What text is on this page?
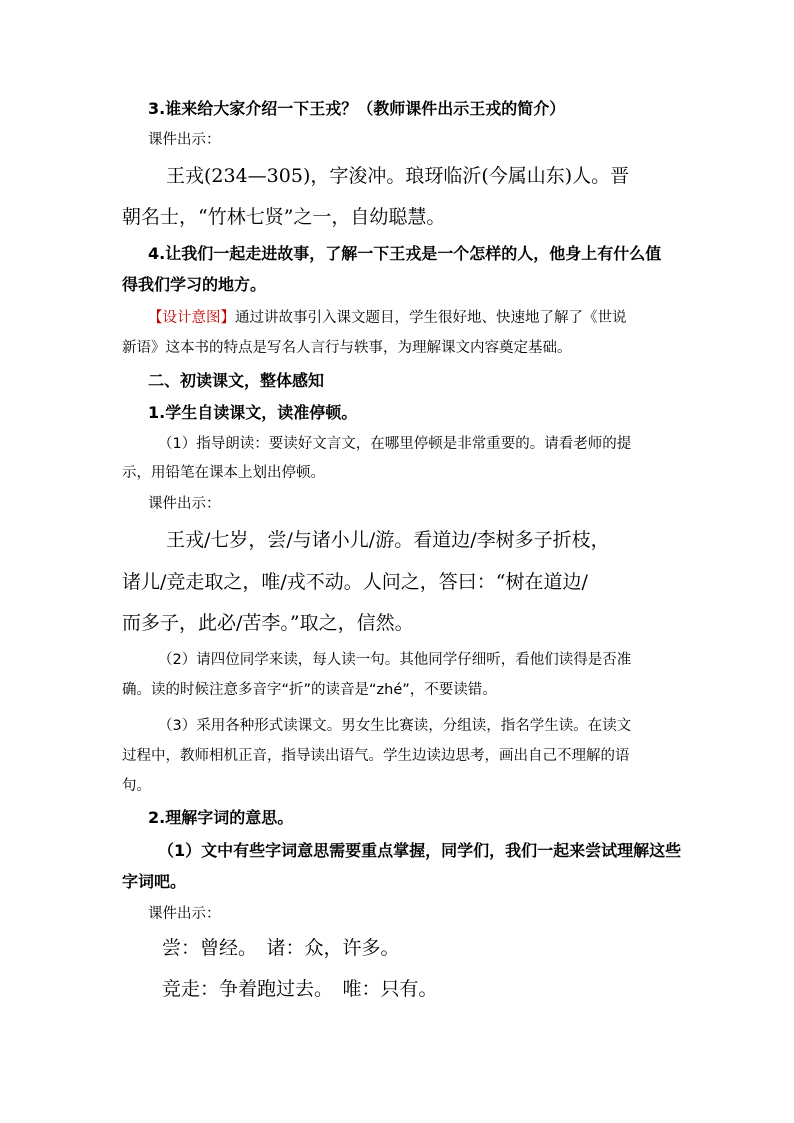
3.谁来给大家介绍一下王戎？（教师课件出示王戎的简介）

课件出示：

王戎(234—305)，字浚冲。琅玡临沂(今属山东)人。晋

朝名士，“竹林七贤”之一，自幼聪慧。

4.让我们一起走进故事，了解一下王戎是一个怎样的人，他身上有什么值

得我们学习的地方。

【设计意图】通过讲故事引入课文题目，学生很好地、快速地了解了《世说

新语》这本书的特点是写名人言行与轶事，为理解课文内容奠定基础。

二、初读课文，整体感知

1.学生自读课文，读准停顿。

（1）指导朗读：要读好文言文，在哪里停顿是非常重要的。请看老师的提

示，用铅笔在课本上划出停顿。

课件出示：

王戎/七岁，尝/与诸小儿/游。看道边/李树多子折枝，

诸儿/竞走取之，唯/戎不动。人问之，答曰：“树在道边/

而多子，此必/苦李。”取之，信然。

（2）请四位同学来读，每人读一句。其他同学仔细听，看他们读得是否准

确。读的时候注意多音字“折”的读音是“zhé”，不要读错。

（3）采用各种形式读课文。男女生比赛读，分组读，指名学生读。在读文

过程中，教师相机正音，指导读出语气。学生边读边思考，画出自己不理解的语

句。

2.理解字词的意思。

（1）文中有些字词意思需要重点掌握，同学们，我们一起来尝试理解这些

字词吧。

课件出示：

尝：曾经。　诸：众，许多。

竞走：争着跑过去。　唯：只有。
